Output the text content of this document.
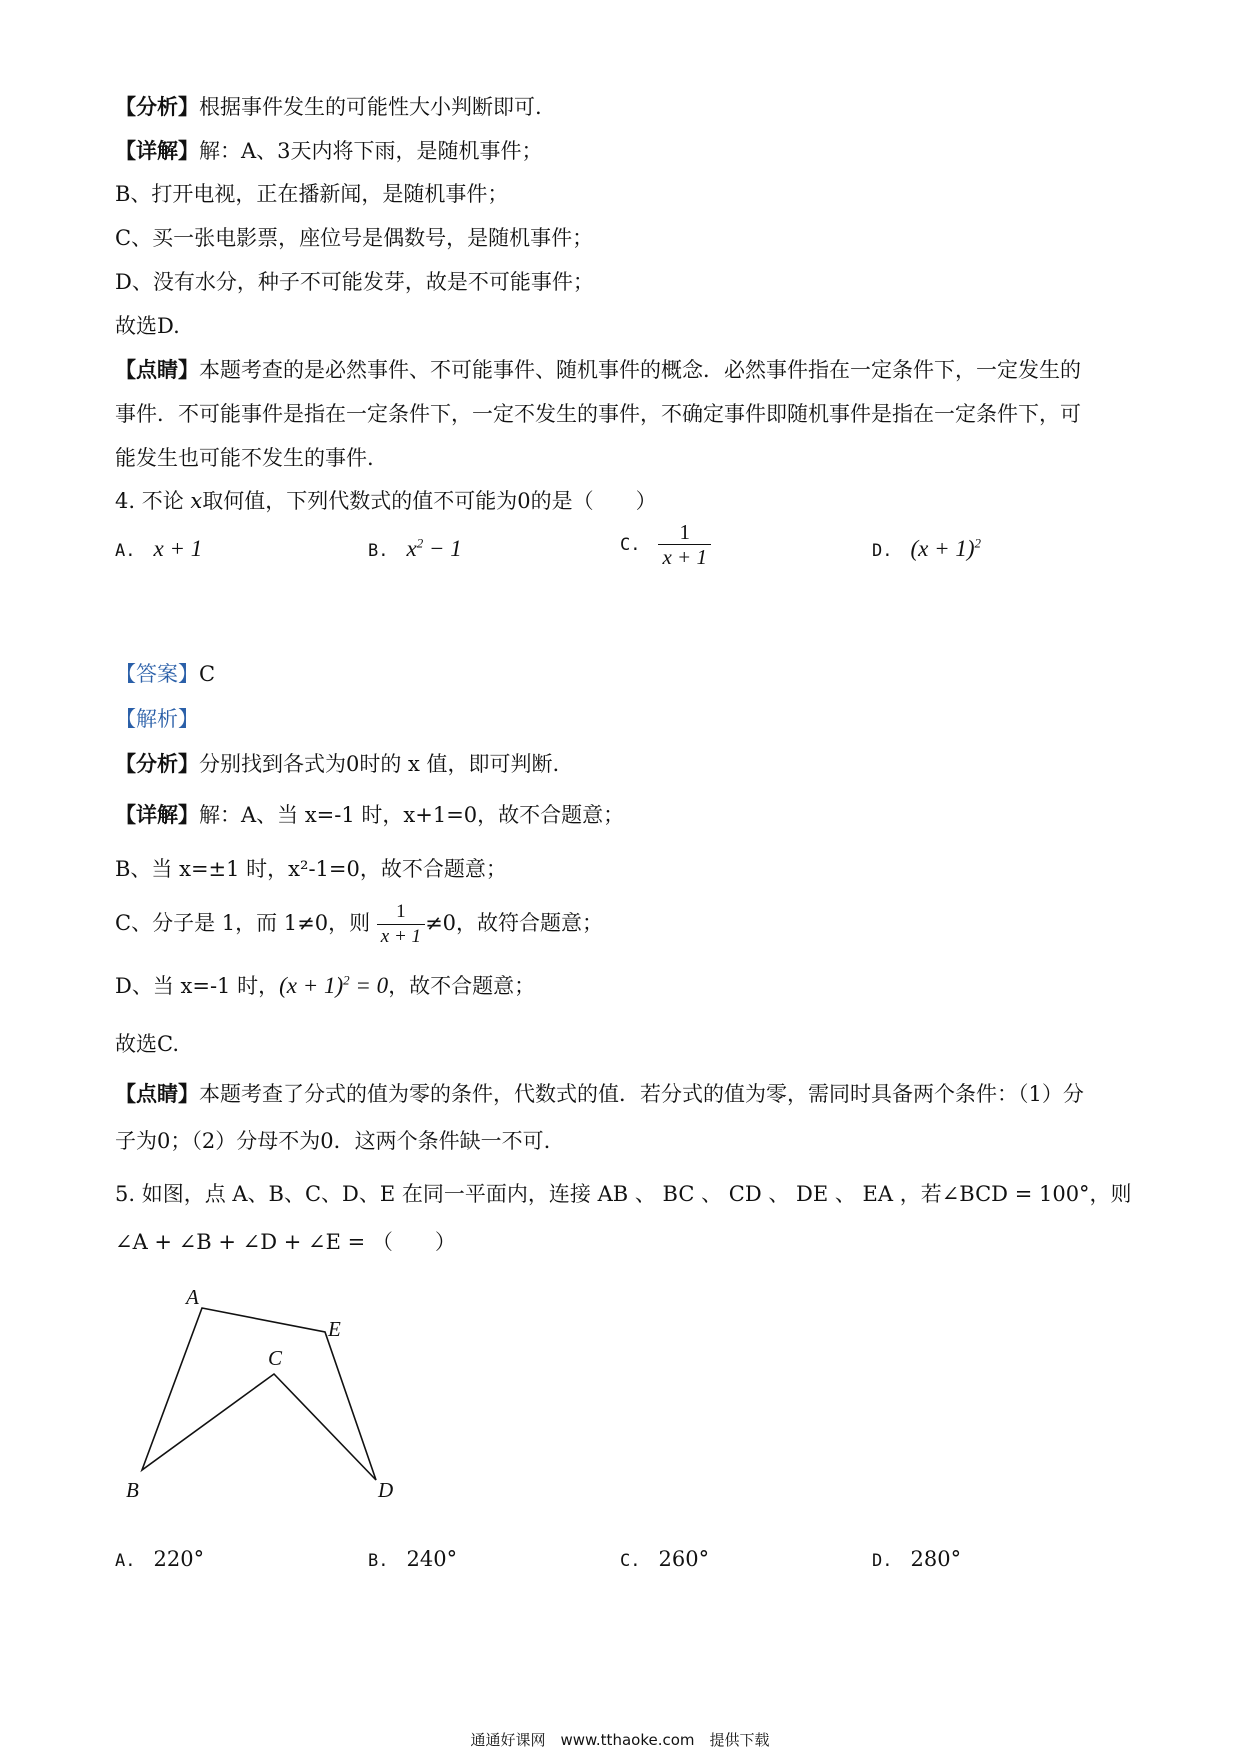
【分析】根据事件发生的可能性大小判断即可.
【详解】解：A、3天内将下雨，是随机事件；
B、打开电视，正在播新闻，是随机事件；
C、买一张电影票，座位号是偶数号，是随机事件；
D、没有水分，种子不可能发芽，故是不可能事件；
故选D.
【点睛】本题考查的是必然事件、不可能事件、随机事件的概念．必然事件指在一定条件下，一定发生的
事件．不可能事件是指在一定条件下，一定不发生的事件，不确定事件即随机事件是指在一定条件下，可
能发生也可能不发生的事件.
4. 不论 x取何值，下列代数式的值不可能为0的是（　　）
A. x + 1	B. $x^2 - 1$	C. $\frac{1}{x + 1}$	D. $(x + 1)^2$
【答案】C
【解析】
【分析】分别找到各式为0时的 x 值，即可判断.
【详解】解：A、当 x=-1 时，x+1=0，故不合题意；
B、当 x=±1 时，x²-1=0，故不合题意；
C、分子是 1，而 1≠0，则 $\frac{1}{x + 1} \ne 0$，故符合题意；
D、当 x=-1 时，$(x + 1)^2 = 0$，故不合题意；
故选C.
【点睛】本题考查了分式的值为零的条件，代数式的值．若分式的值为零，需同时具备两个条件：（1）分
子为0；（2）分母不为0．这两个条件缺一不可.
5. 如图，点 A、B、C、D、E 在同一平面内，连接 AB 、 BC 、 CD 、 DE 、 EA ，若∠BCD = 100°，则
∠A + ∠B + ∠D + ∠E = （　　）
A
E
C
B	D
A. 220°	B. 240°	C. 260°	D. 280°
通通好课网　www.tthaoke.com　提供下载
